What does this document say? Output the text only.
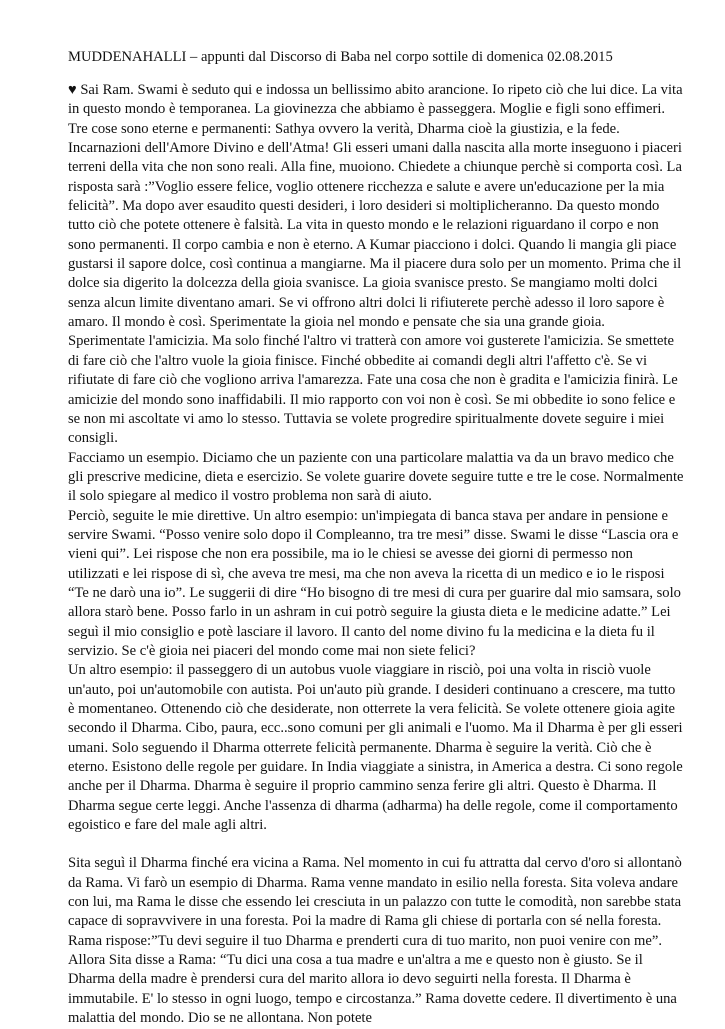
MUDDENAHALLI – appunti dal Discorso di Baba nel corpo sottile di domenica 02.08.2015

♥ Sai Ram. Swami è seduto qui e indossa un bellissimo abito arancione. Io ripeto ciò che lui dice. La vita in questo mondo è temporanea. La giovinezza che abbiamo è passeggera. Moglie e figli sono effimeri. Tre cose sono eterne e permanenti: Sathya ovvero la verità, Dharma cioè la giustizia, e la fede.

Incarnazioni dell'Amore Divino e dell'Atma! Gli esseri umani dalla nascita alla morte inseguono i piaceri terreni della vita che non sono reali. Alla fine, muoiono. Chiedete a chiunque perchè si comporta così. La risposta sarà :”Voglio essere felice, voglio ottenere ricchezza e salute e avere un'educazione per la mia felicità”. Ma dopo aver esaudito questi desideri, i loro desideri si moltiplicheranno. Da questo mondo tutto ciò che potete ottenere è falsità. La vita in questo mondo e le relazioni riguardano il corpo e non sono permanenti. Il corpo cambia e non è eterno. A Kumar piacciono i dolci. Quando li mangia gli piace gustarsi il sapore dolce, così continua a mangiarne. Ma il piacere dura solo per un momento. Prima che il dolce sia digerito la dolcezza della gioia svanisce. La gioia svanisce presto. Se mangiamo molti dolci senza alcun limite diventano amari. Se vi offrono altri dolci li rifiuterete perchè adesso il loro sapore è amaro. Il mondo è così. Sperimentate la gioia nel mondo e pensate che sia una grande gioia. Sperimentate l'amicizia. Ma solo finché l'altro vi tratterà con amore voi gusterete l'amicizia. Se smettete di fare ciò che l'altro vuole la gioia finisce. Finché obbedite ai comandi degli altri l'affetto c'è. Se vi rifiutate di fare ciò che vogliono arriva l'amarezza. Fate una cosa che non è gradita e l'amicizia finirà. Le amicizie del mondo sono inaffidabili. Il mio rapporto con voi non è così. Se mi obbedite io sono felice e se non mi ascoltate vi amo lo stesso. Tuttavia se volete progredire spiritualmente dovete seguire i miei consigli.

Facciamo un esempio. Diciamo che un paziente con una particolare malattia va da un bravo medico che gli prescrive medicine, dieta e esercizio. Se volete guarire dovete seguire tutte e tre le cose. Normalmente il solo spiegare al medico il vostro problema non sarà di aiuto.

Perciò, seguite le mie direttive. Un altro esempio: un'impiegata di banca stava per andare in pensione e servire Swami. “Posso venire solo dopo il Compleanno, tra tre mesi” disse. Swami le disse “Lascia ora e vieni qui”. Lei rispose che non era possibile, ma io le chiesi se avesse dei giorni di permesso non utilizzati e lei rispose di sì, che aveva tre mesi, ma che non aveva la ricetta di un medico e io le risposi “Te ne darò una io”. Le suggerii di dire “Ho bisogno di tre mesi di cura per guarire dal mio samsara, solo allora starò bene. Posso farlo in un ashram in cui potrò seguire la giusta dieta e le medicine adatte.” Lei seguì il mio consiglio e potè lasciare il lavoro. Il canto del nome divino fu la medicina e la dieta fu il servizio. Se c'è gioia nei piaceri del mondo come mai non siete felici?

Un altro esempio: il passeggero di un autobus vuole viaggiare in risciò, poi una volta in risciò vuole un'auto, poi un'automobile con autista. Poi un'auto più grande. I desideri continuano a crescere, ma tutto è momentaneo. Ottenendo ciò che desiderate, non otterrete la vera felicità. Se volete ottenere gioia agite secondo il Dharma. Cibo, paura, ecc..sono comuni per gli animali e l'uomo. Ma il Dharma è per gli esseri umani. Solo seguendo il Dharma otterrete felicità permanente. Dharma è seguire la verità. Ciò che è eterno. Esistono delle regole per guidare. In India viaggiate a sinistra, in America a destra. Ci sono regole anche per il Dharma. Dharma è seguire il proprio cammino senza ferire gli altri. Questo è Dharma. Il Dharma segue certe leggi. Anche l'assenza di dharma (adharma) ha delle regole, come il comportamento egoistico e fare del male agli altri.

Sita seguì il Dharma finché era vicina a Rama. Nel momento in cui fu attratta dal cervo d'oro si allontanò da Rama. Vi farò un esempio di Dharma. Rama venne mandato in esilio nella foresta. Sita voleva andare con lui, ma Rama le disse che essendo lei cresciuta in un palazzo con tutte le comodità, non sarebbe stata capace di sopravvivere in una foresta. Poi la madre di Rama gli chiese di portarla con sé nella foresta. Rama rispose:”Tu devi seguire il tuo Dharma e prenderti cura di tuo marito, non puoi venire con me”. Allora Sita disse a Rama: “Tu dici una cosa a tua madre e un'altra a me e questo non è giusto. Se il Dharma della madre è prendersi cura del marito allora io devo seguirti nella foresta. Il Dharma è immutabile. E' lo stesso in ogni luogo, tempo e circostanza.” Rama dovette cedere. Il divertimento è una malattia del mondo. Dio se ne allontana. Non potete
